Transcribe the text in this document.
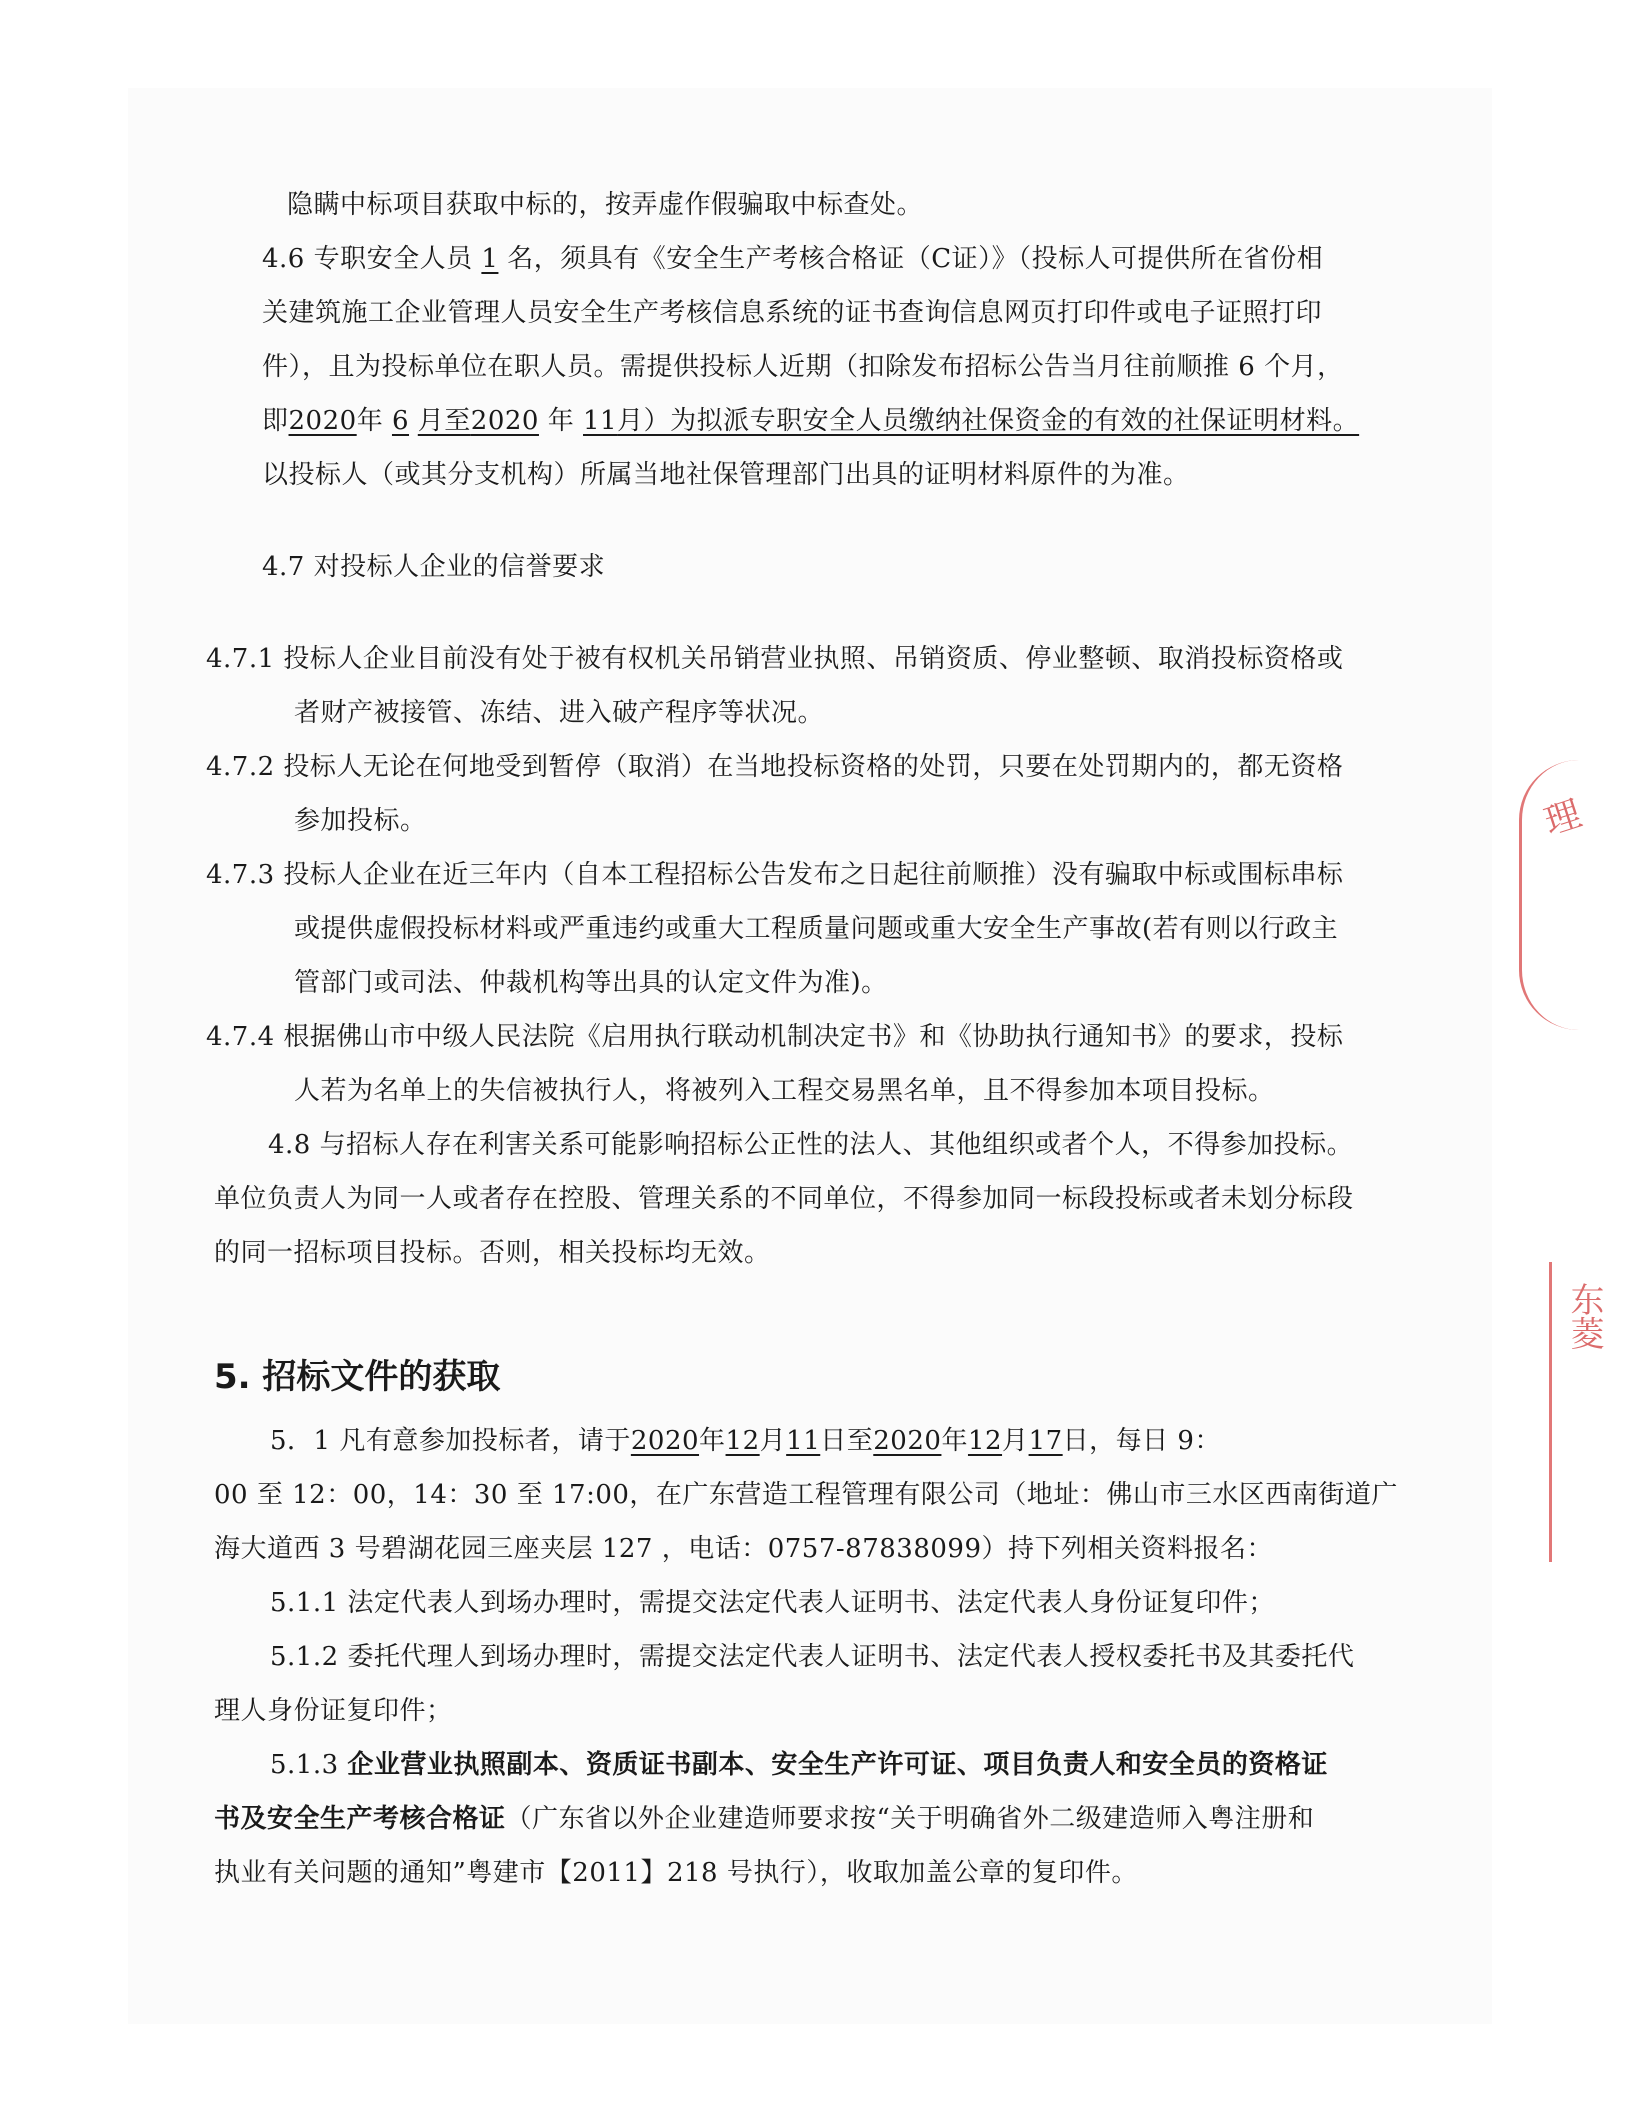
隐瞒中标项目获取中标的，按弄虚作假骗取中标查处。
4.6 专职安全人员 1 名，须具有《安全生产考核合格证（C证）》（投标人可提供所在省份相
关建筑施工企业管理人员安全生产考核信息系统的证书查询信息网页打印件或电子证照打印
件），且为投标单位在职人员。需提供投标人近期（扣除发布招标公告当月往前顺推 6 个月，
即2020年 6 月至2020 年 11月）为拟派专职安全人员缴纳社保资金的有效的社保证明材料。
以投标人（或其分支机构）所属当地社保管理部门出具的证明材料原件的为准。
4.7 对投标人企业的信誉要求
4.7.1 投标人企业目前没有处于被有权机关吊销营业执照、吊销资质、停业整顿、取消投标资格或
者财产被接管、冻结、进入破产程序等状况。
4.7.2 投标人无论在何地受到暂停（取消）在当地投标资格的处罚，只要在处罚期内的，都无资格
参加投标。
4.7.3 投标人企业在近三年内（自本工程招标公告发布之日起往前顺推）没有骗取中标或围标串标
或提供虚假投标材料或严重违约或重大工程质量问题或重大安全生产事故(若有则以行政主
管部门或司法、仲裁机构等出具的认定文件为准)。
4.7.4 根据佛山市中级人民法院《启用执行联动机制决定书》和《协助执行通知书》的要求，投标
人若为名单上的失信被执行人，将被列入工程交易黑名单，且不得参加本项目投标。
4.8 与招标人存在利害关系可能影响招标公正性的法人、其他组织或者个人，不得参加投标。
单位负责人为同一人或者存在控股、管理关系的不同单位，不得参加同一标段投标或者未划分标段
的同一招标项目投标。否则，相关投标均无效。
5. 招标文件的获取
5．1 凡有意参加投标者，请于2020年12月11日至2020年12月17日，每日 9：
00 至 12：00，14：30 至 17:00，在广东营造工程管理有限公司（地址：佛山市三水区西南街道广
海大道西 3 号碧湖花园三座夹层 127 ，电话：0757-87838099）持下列相关资料报名：
5.1.1 法定代表人到场办理时，需提交法定代表人证明书、法定代表人身份证复印件；
5.1.2 委托代理人到场办理时，需提交法定代表人证明书、法定代表人授权委托书及其委托代
理人身份证复印件；
5.1.3 企业营业执照副本、资质证书副本、安全生产许可证、项目负责人和安全员的资格证
书及安全生产考核合格证（广东省以外企业建造师要求按“关于明确省外二级建造师入粤注册和
执业有关问题的通知”粤建市【2011】218 号执行），收取加盖公章的复印件。
理
东菱
